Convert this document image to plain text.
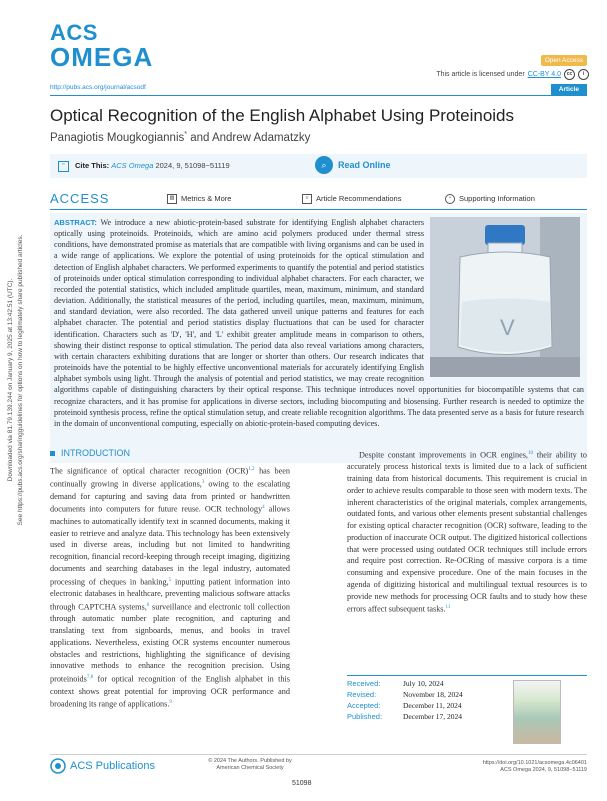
ACS
OMEGA	Open Access
This article is licensed under CC-BY 4.0	cc	i
http://pubs.acs.org/journal/acsodf	Article
Optical Recognition of the English Alphabet Using Proteinoids
Panagiotis Mougkogiannis* and Andrew Adamatzky
“	Cite This: ACS Omega 2024, 9, 51098−51119	⌕	Read Online
ACCESS	▥ Metrics & More	≡	Article Recommendations	+	Supporting Information
V
ABSTRACT: We introduce a new abiotic-protein-based substrate for identifying English alphabet characters optically using proteinoids. Proteinoids, which are amino acid polymers produced under thermal stress conditions, have demonstrated promise as materials that are compatible with living organisms and can be used in a wide range of applications. We explore the potential of using proteinoids for the optical stimulation and detection of English alphabet characters. We performed experiments to quantify the potential and period statistics of proteinoids under optical stimulation corresponding to individual alphabet characters. For each character, we recorded the potential statistics, which included amplitude quartiles, mean, maximum, minimum, and standard deviation. Additionally, the statistical measures of the period, including quartiles, mean, maximum, minimum, and standard deviation, were also recorded. The data gathered unveil unique patterns and features for each alphabet character. The potential and period statistics display fluctuations that can be used for character identification. Characters such as 'D', 'H', and 'L' exhibit greater amplitude means in comparison to others, showing their distinct response to optical stimulation. The period data also reveal variations among characters, with certain characters exhibiting durations that are longer or shorter than others. Our research indicates that proteinoids have the potential to be highly effective unconventional materials for accurately identifying English alphabet symbols using light. Through the analysis of potential and period statistics, we may create recognition algorithms capable of distinguishing characters by their optical response. This technique introduces novel opportunities for biocompatible systems that can recognize characters, and it has promise for applications in diverse sectors, including biocomputing and biosensing. Further research is needed to optimize the proteinoid synthesis process, refine the optical stimulation setup, and create reliable recognition algorithms. The data presented serve as a basis for future research in the domain of unconventional computing, especially on abiotic-protein-based computing devices.
Downloaded via 81.79.139.244 on January 9, 2025 at 13:42:51 (UTC). See https://pubs.acs.org/sharingguidelines for options on how to legitimately share published articles.	INTRODUCTION
The significance of optical character recognition (OCR)$^{1,2}$ has been continually growing in diverse applications,$^3$ owing to the escalating demand for capturing and saving data from printed or handwritten documents into computers for future reuse. OCR technology$^4$ allows machines to automatically identify text in scanned documents, making it easier to retrieve and analyze data. This technology has been extensively used in diverse areas, including but not limited to handwriting recognition, financial record-keeping through receipt imaging, digitizing documents and searching databases in the legal industry, automated processing of cheques in banking,$^5$ inputting patient information into electronic databases in healthcare, preventing malicious software attacks through CAPTCHA systems,$^6$ surveillance and electronic toll collection through automatic number plate recognition, and capturing and translating text from signboards, menus, and books in travel applications. Nevertheless, existing OCR systems encounter numerous obstacles and restrictions, highlighting the significance of devising innovative methods to enhance the recognition precision. Using proteinoids$^{7,8}$ for optical recognition of the English alphabet in this context shows great potential for improving OCR performance and broadening its range of applications.$^9$
Despite constant improvements in OCR engines,$^{10}$ their ability to accurately process historical texts is limited due to a lack of sufficient training data from historical documents. This requirement is crucial in order to achieve results comparable to those seen with modern texts. The inherent characteristics of the original materials, complex arrangements, outdated fonts, and various other elements present substantial challenges for existing optical character recognition (OCR) software, leading to the production of inaccurate OCR output. The digitized historical collections that were processed using outdated OCR techniques still include errors and require post correction. Re-OCRing of massive corpora is a time consuming and expensive procedure. One of the main focuses in the agenda of digitizing historical and multilingual textual resources is to provide new methods for processing OCR faults and to study how these errors affect subsequent tasks.$^{11}$
Received:	July 10, 2024
Revised:	November 18, 2024
Accepted:	December 11, 2024
Published:	December 17, 2024
ACS Publications	© 2024 The Authors. Published by
American Chemical Society
51098
https://doi.org/10.1021/acsomega.4c06401
ACS Omega 2024, 9, 51098−51119
